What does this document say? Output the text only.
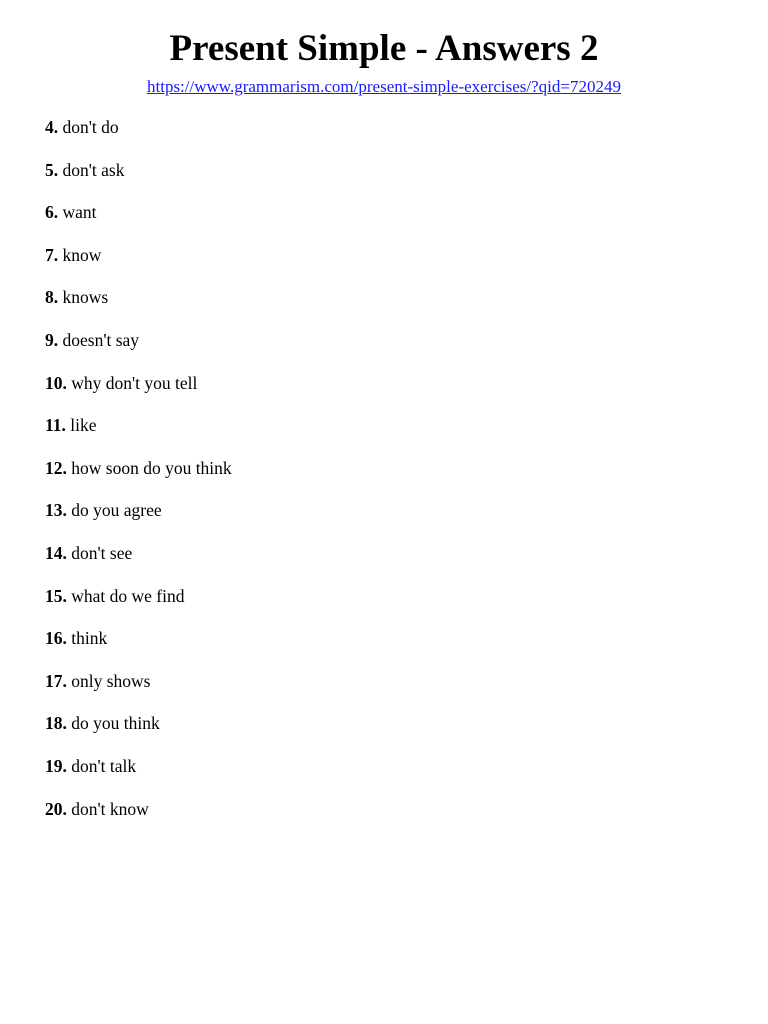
Present Simple - Answers 2
https://www.grammarism.com/present-simple-exercises/?qid=720249
4. don't do
5. don't ask
6. want
7. know
8. knows
9. doesn't say
10. why don't you tell
11. like
12. how soon do you think
13. do you agree
14. don't see
15. what do we find
16. think
17. only shows
18. do you think
19. don't talk
20. don't know
